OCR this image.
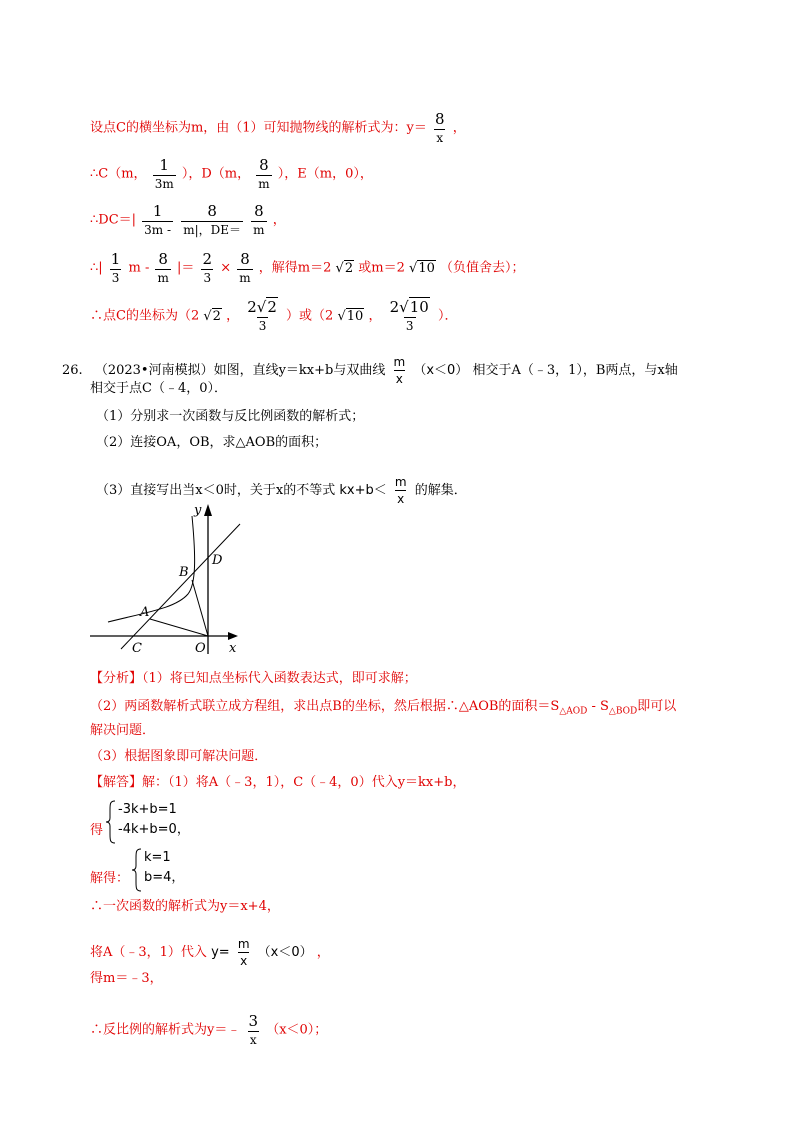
设点C的横坐标为m，由（1）可知抛物线的解析式为：$y= \frac{8}{x}$ ，
∴C（m， $\frac{1}{3m}$ ），D（m， $\frac{8}{m}$ ），E（m，0），
∴DC＝| $\frac{1}{3m -}$
$\frac{8}{m|,DE=}$
$\frac{8}{m}$ ，
∴| $\frac{1}{3}$ m - $\frac{8}{m}$ |＝ $\frac{2}{3} \times \frac{8}{m}$ ，解得m＝2 √2 或m＝2 √10 （负值舍去）；
∴点C的坐标为（2 √2 ， $\frac{2√2}{3}$ ）或（2 √10 ， $\frac{2√10}{3}$ ）．
26. （2023•河南模拟）如图，直线y＝kx+b与双曲线 $\frac{m}{x} (x<0)$ 相交于A（﹣3，1），B两点，与x轴
相交于点C（﹣4，0）．
（1）分别求一次函数与反比例函数的解析式；
（2）连接OA，OB，求△AOB的面积；
（3）直接写出当x＜0时，关于x的不等式 $kx+b< \frac{m}{x}$ 的解集．
y
D
B
A
C	O x
【分析】（1）将已知点坐标代入函数表达式，即可求解；
（2）两函数解析式联立成方程组，求出点B的坐标，然后根据∴△AOB的面积$=S_{\triangle AOD} - S_{\triangle BOD}$即可以
解决问题．
（3）根据图象即可解决问题．
【解答】解：（1）将A（﹣3，1），C（﹣4，0）代入y＝kx+b，
得
-3k+b=1
-4k+b=0，
解得：
k=1
b=4，
∴一次函数的解析式为y＝x+4，
将A（﹣3，1）代入 $y= \frac{m}{x} (x<0)$ ，
得m＝﹣3，
∴反比例的解析式为y＝﹣ $\frac{3}{x} (x<0)$；
